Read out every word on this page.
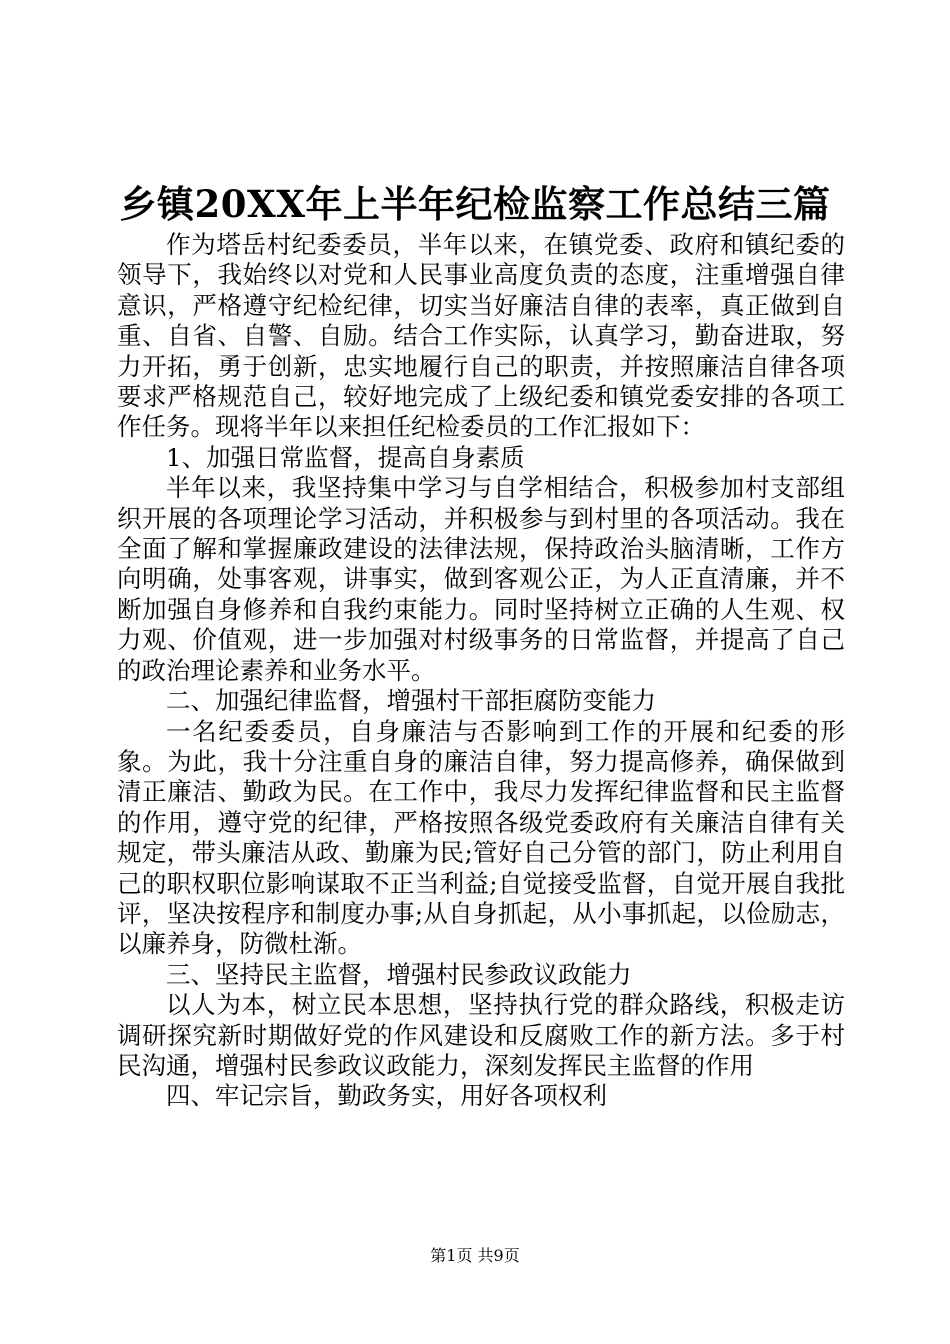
乡镇20XX年上半年纪检监察工作总结三篇

作为塔岳村纪委委员，半年以来，在镇党委、政府和镇纪委的领导下，我始终以对党和人民事业高度负责的态度，注重增强自律意识，严格遵守纪检纪律，切实当好廉洁自律的表率，真正做到自重、自省、自警、自励。结合工作实际，认真学习，勤奋进取，努力开拓，勇于创新，忠实地履行自己的职责，并按照廉洁自律各项要求严格规范自己，较好地完成了上级纪委和镇党委安排的各项工作任务。现将半年以来担任纪检委员的工作汇报如下：

1、加强日常监督，提高自身素质

半年以来，我坚持集中学习与自学相结合，积极参加村支部组织开展的各项理论学习活动，并积极参与到村里的各项活动。我在全面了解和掌握廉政建设的法律法规，保持政治头脑清晰，工作方向明确，处事客观，讲事实，做到客观公正，为人正直清廉，并不断加强自身修养和自我约束能力。同时坚持树立正确的人生观、权力观、价值观，进一步加强对村级事务的日常监督，并提高了自己的政治理论素养和业务水平。

二、加强纪律监督，增强村干部拒腐防变能力

一名纪委委员，自身廉洁与否影响到工作的开展和纪委的形象。为此，我十分注重自身的廉洁自律，努力提高修养，确保做到清正廉洁、勤政为民。在工作中，我尽力发挥纪律监督和民主监督的作用，遵守党的纪律，严格按照各级党委政府有关廉洁自律有关规定，带头廉洁从政、勤廉为民;管好自己分管的部门，防止利用自己的职权职位影响谋取不正当利益;自觉接受监督，自觉开展自我批评，坚决按程序和制度办事;从自身抓起，从小事抓起，以俭励志，以廉养身，防微杜渐。

三、坚持民主监督，增强村民参政议政能力

以人为本，树立民本思想，坚持执行党的群众路线，积极走访调研探究新时期做好党的作风建设和反腐败工作的新方法。多于村民沟通，增强村民参政议政能力，深刻发挥民主监督的作用

四、牢记宗旨，勤政务实，用好各项权利

第1页 共9页
